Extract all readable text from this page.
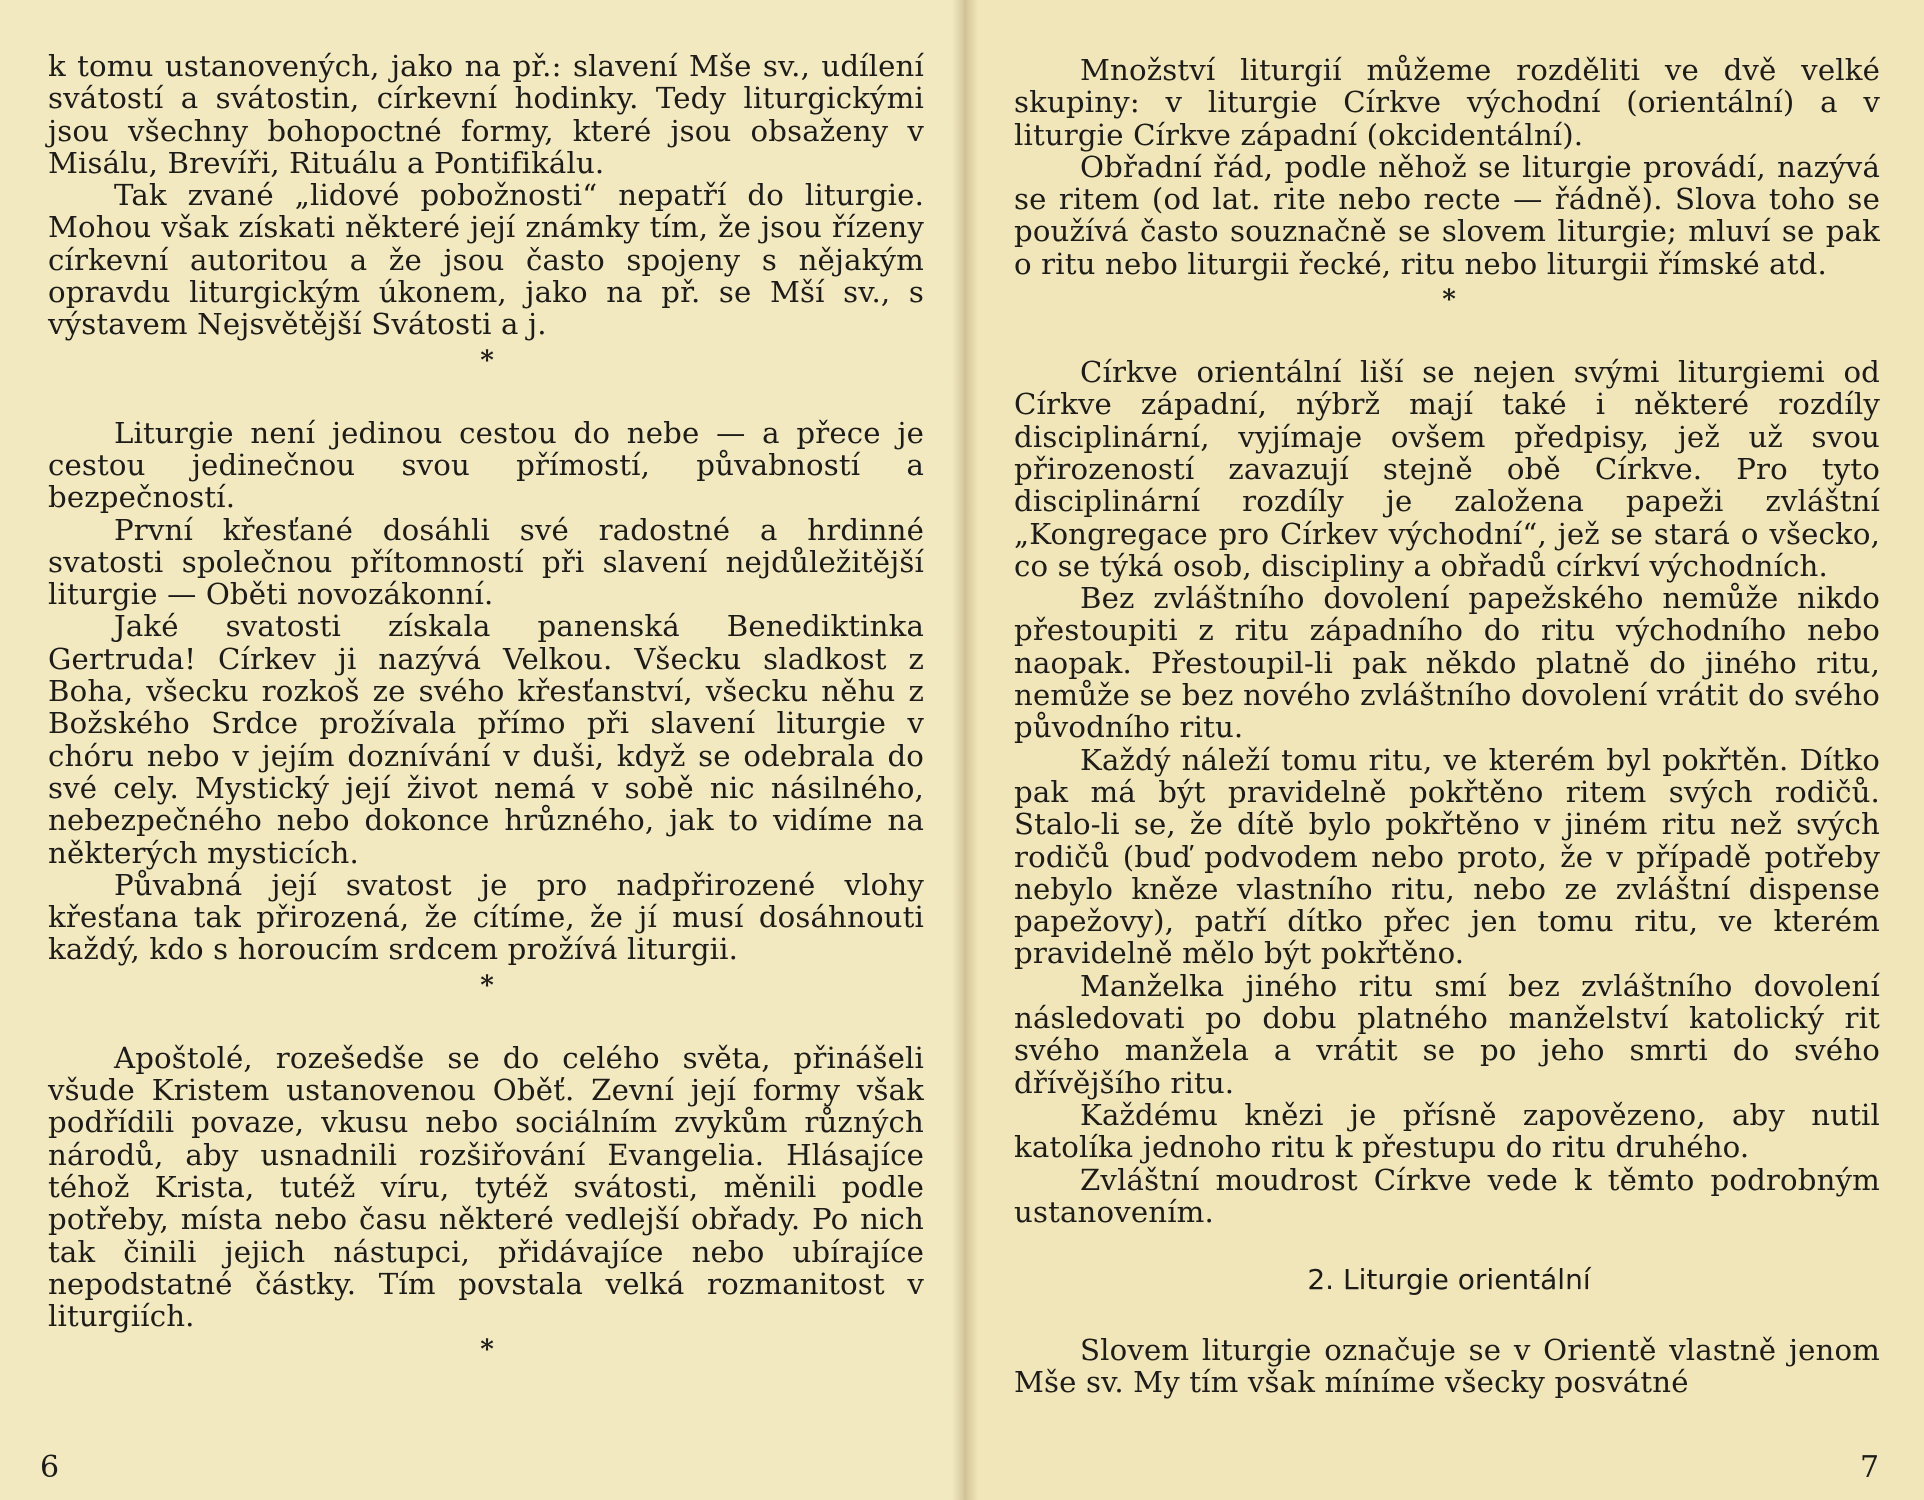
k tomu ustanovených, jako na př.: slavení Mše sv., udílení svátostí a svátostin, církevní hodinky. Tedy liturgickými jsou všechny bohopoctné formy, které jsou obsaženy v Misálu, Brevíři, Rituálu a Pontifikálu.

Tak zvané „lidové pobožnosti“ nepatří do liturgie. Mohou však získati některé její známky tím, že jsou řízeny církevní autoritou a že jsou často spojeny s nějakým opravdu liturgickým úkonem, jako na př. se Mší sv., s výstavem Nejsvětější Svátosti a j.

*

Liturgie není jedinou cestou do nebe — a přece je cestou jedinečnou svou přímostí, půvabností a bezpečností.

První křesťané dosáhli své radostné a hrdinné svatosti společnou přítomností při slavení nejdůležitější liturgie — Oběti novozákonní.

Jaké svatosti získala panenská Benediktinka Gertruda! Církev ji nazývá Velkou. Všecku sladkost z Boha, všecku rozkoš ze svého křesťanství, všecku něhu z Božského Srdce prožívala přímo při slavení liturgie v chóru nebo v jejím doznívání v duši, když se odebrala do své cely. Mystický její život nemá v sobě nic násilného, nebezpečného nebo dokonce hrůzného, jak to vidíme na některých mysticích.

Půvabná její svatost je pro nadpřirozené vlohy křesťana tak přirozená, že cítíme, že jí musí dosáhnouti každý, kdo s horoucím srdcem prožívá liturgii.

*

Apoštolé, rozešedše se do celého světa, přinášeli všude Kristem ustanovenou Oběť. Zevní její formy však podřídili povaze, vkusu nebo sociálním zvykům různých národů, aby usnadnili rozšiřování Evangelia. Hlásajíce téhož Krista, tutéž víru, tytéž svátosti, měnili podle potřeby, místa nebo času některé vedlejší obřady. Po nich tak činili jejich nástupci, přidávajíce nebo ubírajíce nepodstatné částky. Tím povstala velká rozmanitost v liturgiích.

*
6

Množství liturgií můžeme rozděliti ve dvě velké skupiny: v liturgie Církve východní (orientální) a v liturgie Církve západní (okcidentální).

Obřadní řád, podle něhož se liturgie provádí, nazývá se ritem (od lat. rite nebo recte — řádně). Slova toho se používá často souznačně se slovem liturgie; mluví se pak o ritu nebo liturgii řecké, ritu nebo liturgii římské atd.

*

Církve orientální liší se nejen svými liturgiemi od Církve západní, nýbrž mají také i některé rozdíly disciplinární, vyjímaje ovšem předpisy, jež už svou přirozeností zavazují stejně obě Církve. Pro tyto disciplinární rozdíly je založena papeži zvláštní „Kongregace pro Církev východní“, jež se stará o všecko, co se týká osob, discipliny a obřadů církví východních.

Bez zvláštního dovolení papežského nemůže nikdo přestoupiti z ritu západního do ritu východního nebo naopak. Přestoupil-li pak někdo platně do jiného ritu, nemůže se bez nového zvláštního dovolení vrátit do svého původního ritu.

Každý náleží tomu ritu, ve kterém byl pokřtěn. Dítko pak má být pravidelně pokřtěno ritem svých rodičů. Stalo-li se, že dítě bylo pokřtěno v jiném ritu než svých rodičů (buď podvodem nebo proto, že v případě potřeby nebylo kněze vlastního ritu, nebo ze zvláštní dispense papežovy), patří dítko přec jen tomu ritu, ve kterém pravidelně mělo být pokřtěno.

Manželka jiného ritu smí bez zvláštního dovolení následovati po dobu platného manželství katolický rit svého manžela a vrátit se po jeho smrti do svého dřívějšího ritu.

Každému knězi je přísně zapovězeno, aby nutil katolíka jednoho ritu k přestupu do ritu druhého.

Zvláštní moudrost Církve vede k těmto podrobným ustanovením.

2. Liturgie orientální

Slovem liturgie označuje se v Orientě vlastně jenom Mše sv. My tím však míníme všecky posvátné

7
